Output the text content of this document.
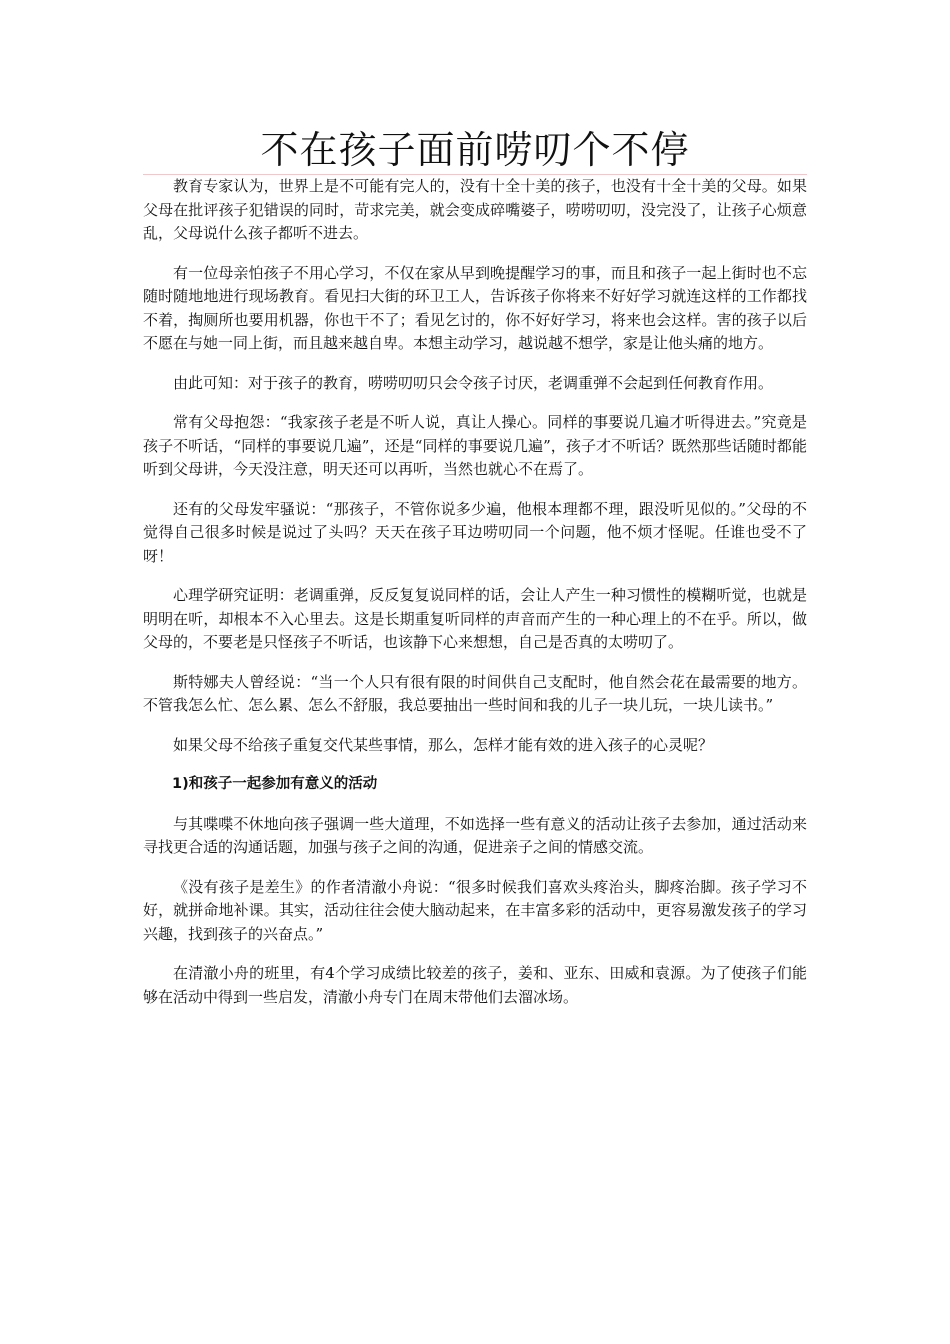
不在孩子面前唠叨个不停

教育专家认为，世界上是不可能有完人的，没有十全十美的孩子，也没有十全十美的父母。如果父母在批评孩子犯错误的同时，苛求完美，就会变成碎嘴婆子，唠唠叨叨，没完没了，让孩子心烦意乱，父母说什么孩子都听不进去。

有一位母亲怕孩子不用心学习，不仅在家从早到晚提醒学习的事，而且和孩子一起上街时也不忘随时随地地进行现场教育。看见扫大街的环卫工人，告诉孩子你将来不好好学习就连这样的工作都找不着，掏厕所也要用机器，你也干不了；看见乞讨的，你不好好学习，将来也会这样。害的孩子以后不愿在与她一同上街，而且越来越自卑。本想主动学习，越说越不想学，家是让他头痛的地方。

由此可知：对于孩子的教育，唠唠叨叨只会令孩子讨厌，老调重弹不会起到任何教育作用。

常有父母抱怨：“我家孩子老是不听人说，真让人操心。同样的事要说几遍才听得进去。”究竟是孩子不听话，“同样的事要说几遍”，还是“同样的事要说几遍”，孩子才不听话？既然那些话随时都能听到父母讲，今天没注意，明天还可以再听，当然也就心不在焉了。

还有的父母发牢骚说：“那孩子，不管你说多少遍，他根本理都不理，跟没听见似的。”父母的不觉得自己很多时候是说过了头吗？天天在孩子耳边唠叨同一个问题，他不烦才怪呢。任谁也受不了呀！

心理学研究证明：老调重弹，反反复复说同样的话，会让人产生一种习惯性的模糊听觉，也就是明明在听，却根本不入心里去。这是长期重复听同样的声音而产生的一种心理上的不在乎。所以，做父母的，不要老是只怪孩子不听话，也该静下心来想想，自己是否真的太唠叨了。

斯特娜夫人曾经说：“当一个人只有很有限的时间供自己支配时，他自然会花在最需要的地方。不管我怎么忙、怎么累、怎么不舒服，我总要抽出一些时间和我的儿子一块儿玩，一块儿读书。”

如果父母不给孩子重复交代某些事情，那么，怎样才能有效的进入孩子的心灵呢？

1)和孩子一起参加有意义的活动

与其喋喋不休地向孩子强调一些大道理，不如选择一些有意义的活动让孩子去参加，通过活动来寻找更合适的沟通话题，加强与孩子之间的沟通，促进亲子之间的情感交流。

《没有孩子是差生》的作者清澈小舟说：“很多时候我们喜欢头疼治头，脚疼治脚。孩子学习不好，就拼命地补课。其实，活动往往会使大脑动起来，在丰富多彩的活动中，更容易激发孩子的学习兴趣，找到孩子的兴奋点。”

在清澈小舟的班里，有4个学习成绩比较差的孩子，姜和、亚东、田威和袁源。为了使孩子们能够在活动中得到一些启发，清澈小舟专门在周末带他们去溜冰场。
